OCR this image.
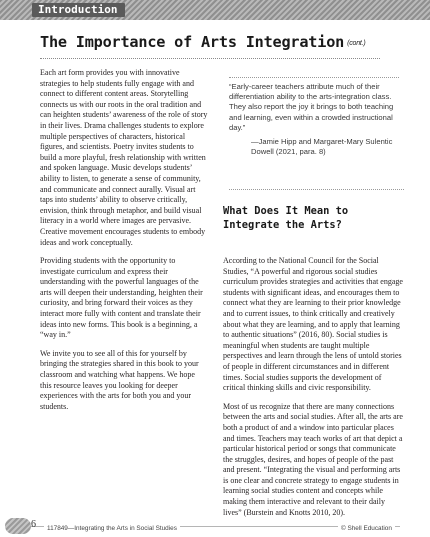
Introduction
The Importance of Arts Integration (cont.)

Each art form provides you with innovative strategies to help students fully engage with and connect to different content areas. Storytelling connects us with our roots in the oral tradition and can heighten students’ awareness of the role of story in their lives. Drama challenges students to explore multiple perspectives of characters, historical figures, and scientists. Poetry invites students to build a more playful, fresh relationship with written and spoken language. Music develops students’ ability to listen, to generate a sense of community, and communicate and connect aurally. Visual art taps into students’ ability to observe critically, envision, think through metaphor, and build visual literacy in a world where images are pervasive. Creative movement encourages students to embody ideas and work conceptually.

Providing students with the opportunity to investigate curriculum and express their understanding with the powerful languages of the arts will deepen their understanding, heighten their curiosity, and bring forward their voices as they interact more fully with content and translate their ideas into new forms. This book is a beginning, a “way in.”

We invite you to see all of this for yourself by bringing the strategies shared in this book to your classroom and watching what happens. We hope this resource leaves you looking for deeper experiences with the arts for both you and your students.

“Early-career teachers attribute much of their differentiation ability to the arts-integration class. They also report the joy it brings to both teaching and learning, even within a crowded instructional day.”

—Jamie Hipp and Margaret-Mary Sulentic Dowell (2021, para. 8)

What Does It Mean to Integrate the Arts?

According to the National Council for the Social Studies, “A powerful and rigorous social studies curriculum provides strategies and activities that engage students with significant ideas, and encourages them to connect what they are learning to their prior knowledge and to current issues, to think critically and creatively about what they are learning, and to apply that learning to authentic situations” (2016, 80). Social studies is meaningful when students are taught multiple perspectives and learn through the lens of untold stories of people in different circumstances and in different times. Social studies supports the development of critical thinking skills and civic responsibility.

Most of us recognize that there are many connections between the arts and social studies. After all, the arts are both a product of and a window into particular places and times. Teachers may teach works of art that depict a particular historical period or songs that communicate the struggles, desires, and hopes of people of the past and present. “Integrating the visual and performing arts is one clear and concrete strategy to engage students in learning social studies content and concepts while making them interactive and relevant to their daily lives” (Burstein and Knotts 2010, 20).

6	117849—Integrating the Arts in Social Studies	© Shell Education
